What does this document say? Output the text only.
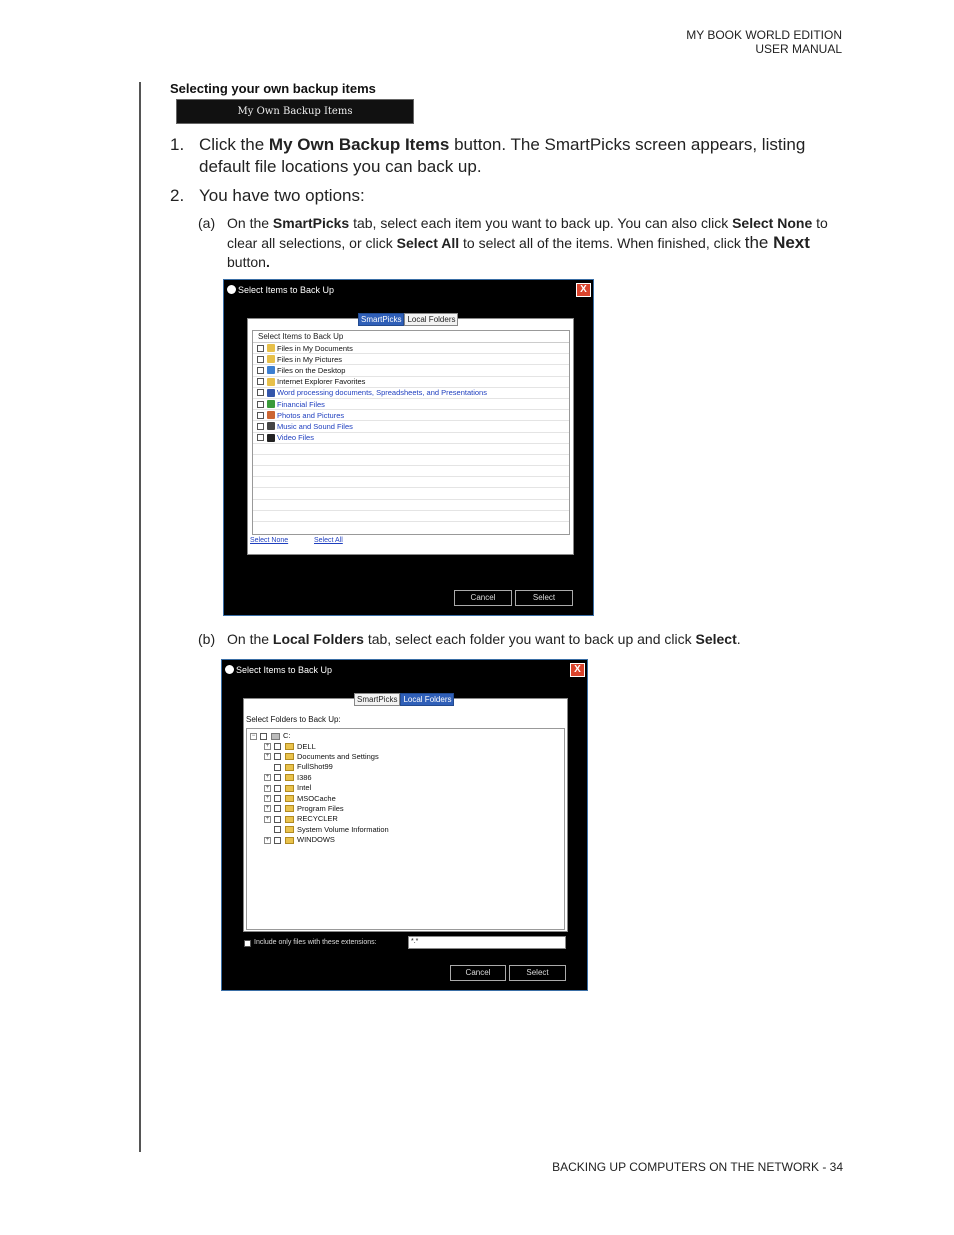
MY BOOK WORLD EDITION
USER MANUAL
BACKING UP COMPUTERS ON THE NETWORK - 34
Selecting your own backup items
My Own Backup Items
1. Click the My Own Backup Items button. The SmartPicks screen appears, listing default file locations you can back up.
2. You have two options:
(a) On the SmartPicks tab, select each item you want to back up. You can also click Select None to clear all selections, or click Select All to select all of the items. When finished, click the Next button.
Select Items to Back Up	X
SmartPicks Local Folders
Select Items to Back Up
Files in My Documents
Files in My Pictures
Files on the Desktop
Internet Explorer Favorites
Word processing documents, Spreadsheets, and Presentations
Financial Files
Photos and Pictures
Music and Sound Files
Video Files
Select None	Select All
Cancel	Select
(b) On the Local Folders tab, select each folder you want to back up and click Select.
Select Items to Back Up	X
SmartPicks Local Folders
Select Folders to Back Up:
−	C:
+	DELL
+	Documents and Settings
FullShot99
+	I386
+	Intel
+	MSOCache
+	Program Files
+	RECYCLER
System Volume Information
+	WINDOWS
Include only files with these extensions:	*.*
Cancel	Select
